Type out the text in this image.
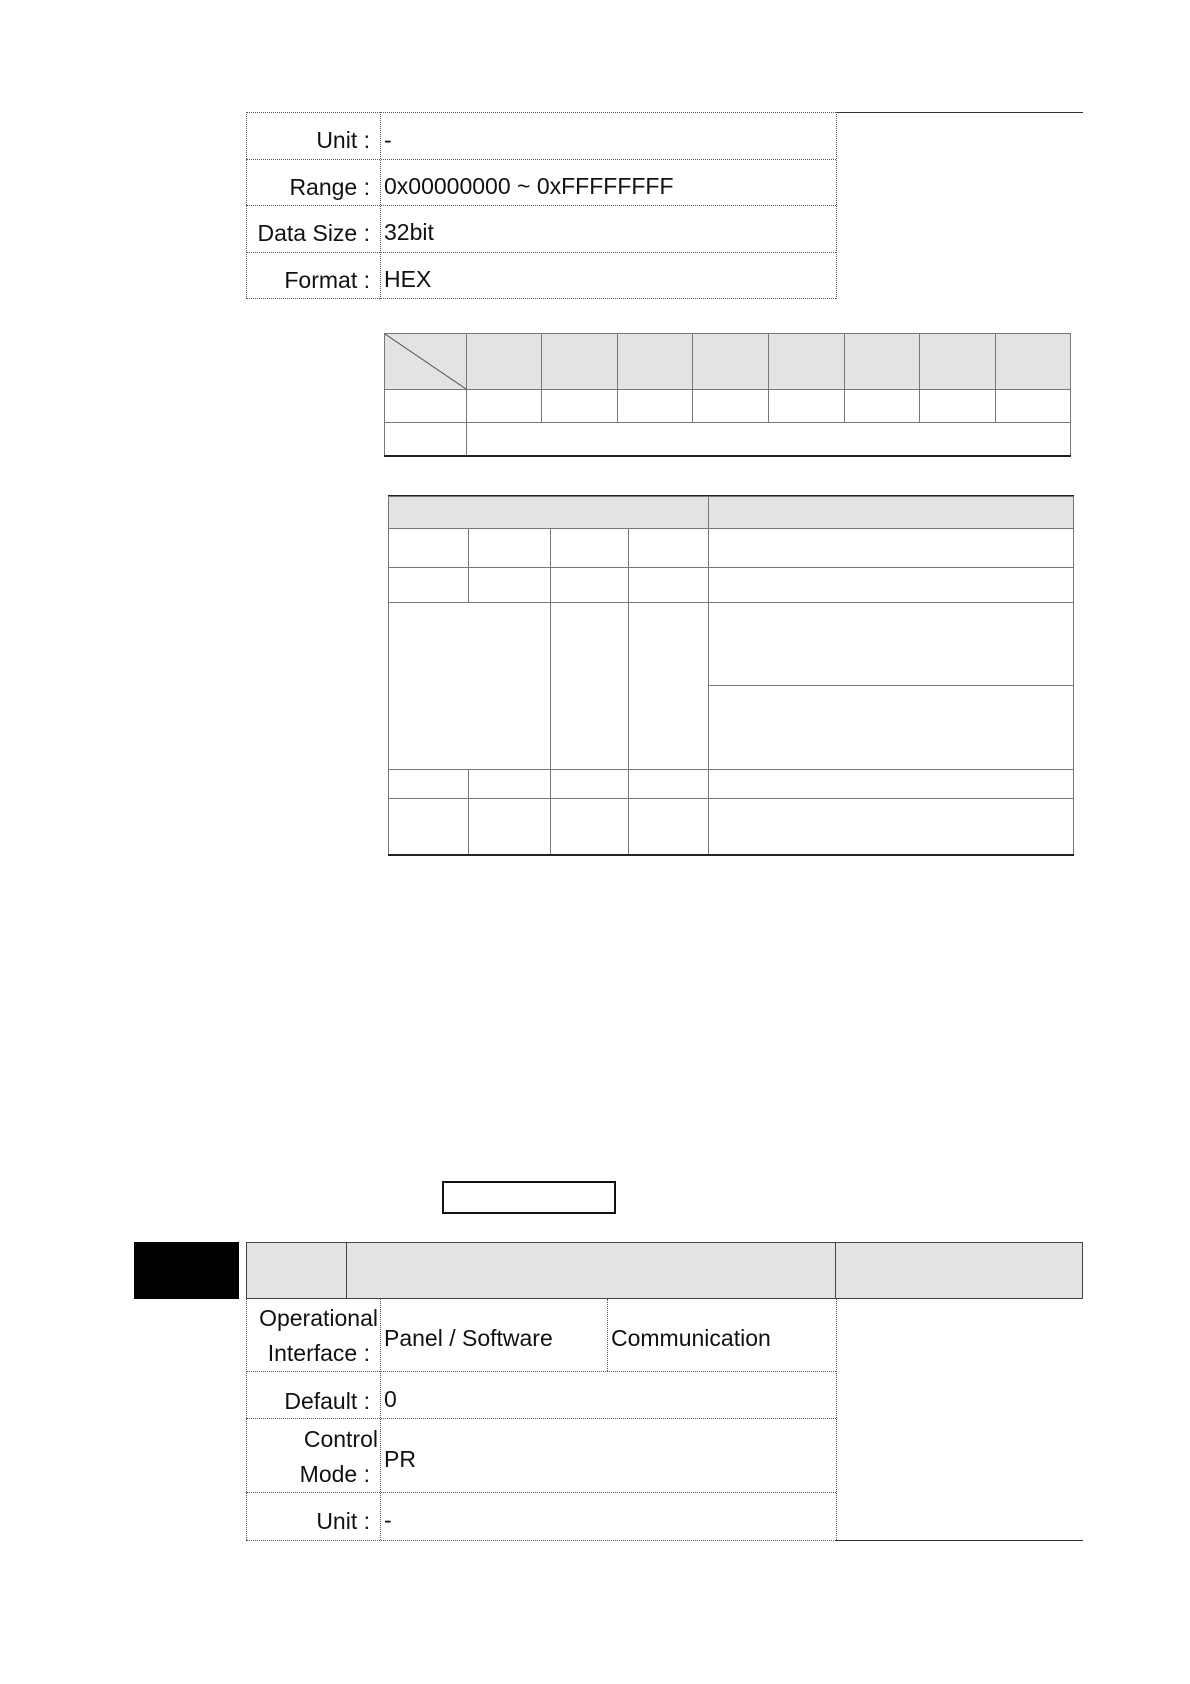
Unit : -
Range : 0x00000000 ~ 0xFFFFFFFF
Data Size : 32bit
Format : HEX
Operational
Interface :
Panel / Software	Communication
Default : 0
Control
Mode :
PR
Unit : -
